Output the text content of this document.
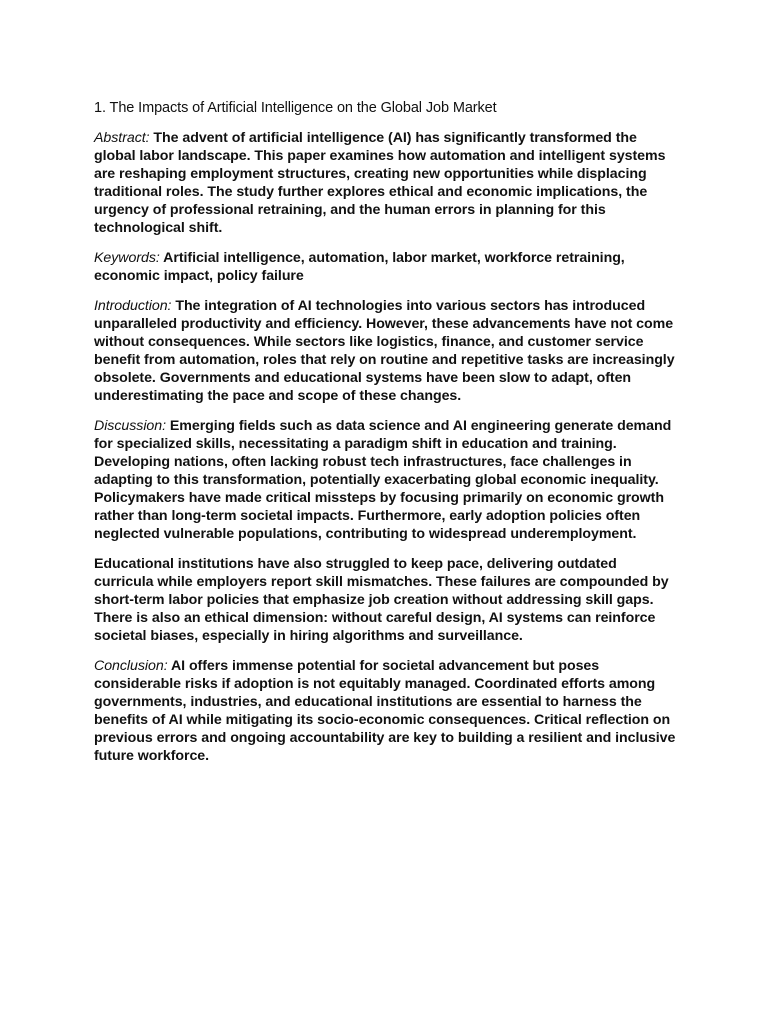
1. The Impacts of Artificial Intelligence on the Global Job Market

Abstract: The advent of artificial intelligence (AI) has significantly transformed the global labor landscape. This paper examines how automation and intelligent systems are reshaping employment structures, creating new opportunities while displacing traditional roles. The study further explores ethical and economic implications, the urgency of professional retraining, and the human errors in planning for this technological shift.

Keywords: Artificial intelligence, automation, labor market, workforce retraining, economic impact, policy failure

Introduction: The integration of AI technologies into various sectors has introduced unparalleled productivity and efficiency. However, these advancements have not come without consequences. While sectors like logistics, finance, and customer service benefit from automation, roles that rely on routine and repetitive tasks are increasingly obsolete. Governments and educational systems have been slow to adapt, often underestimating the pace and scope of these changes.

Discussion: Emerging fields such as data science and AI engineering generate demand for specialized skills, necessitating a paradigm shift in education and training. Developing nations, often lacking robust tech infrastructures, face challenges in adapting to this transformation, potentially exacerbating global economic inequality. Policymakers have made critical missteps by focusing primarily on economic growth rather than long-term societal impacts. Furthermore, early adoption policies often neglected vulnerable populations, contributing to widespread underemployment.

Educational institutions have also struggled to keep pace, delivering outdated curricula while employers report skill mismatches. These failures are compounded by short-term labor policies that emphasize job creation without addressing skill gaps. There is also an ethical dimension: without careful design, AI systems can reinforce societal biases, especially in hiring algorithms and surveillance.

Conclusion: AI offers immense potential for societal advancement but poses considerable risks if adoption is not equitably managed. Coordinated efforts among governments, industries, and educational institutions are essential to harness the benefits of AI while mitigating its socio-economic consequences. Critical reflection on previous errors and ongoing accountability are key to building a resilient and inclusive future workforce.
